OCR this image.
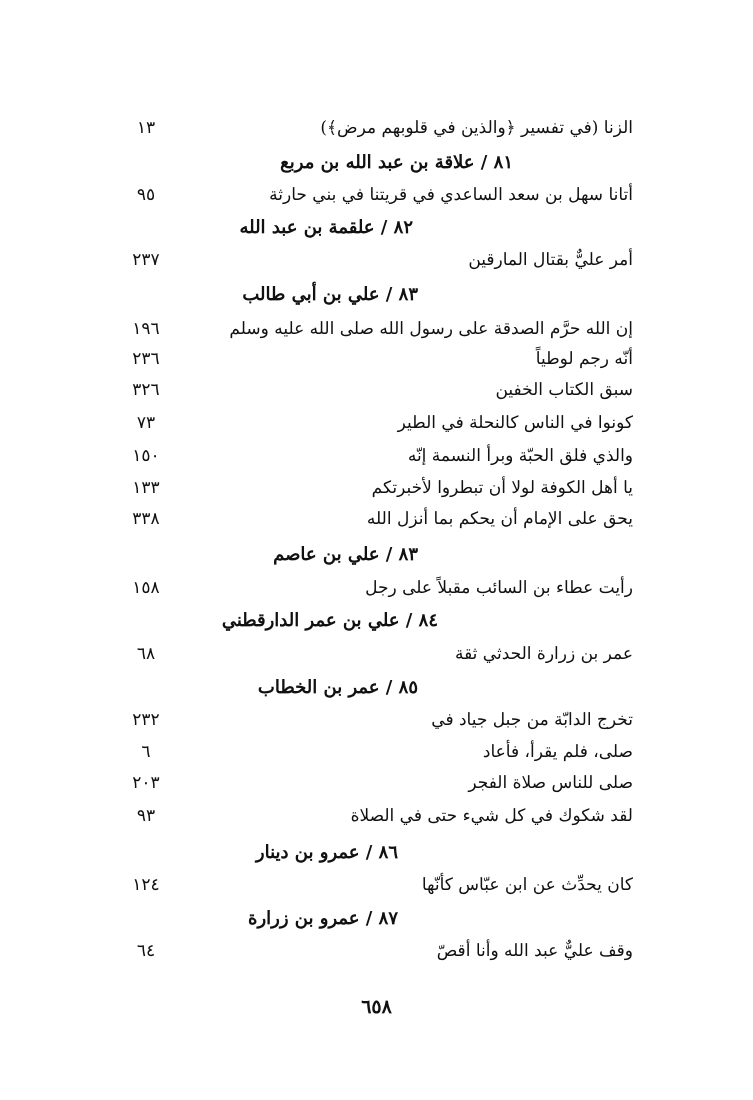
الزنا (في تفسير ﴿والذين في قلوبهم مرض﴾)
١٣
٨١ / علاقة بن عبد الله بن مربع
أتانا سهل بن سعد الساعدي في قريتنا في بني حارثة
٩٥
٨٢ / علقمة بن عبد الله
أمر عليٌّ بقتال المارقين
٢٣٧
٨٣ / علي بن أبي طالب
إن الله حرَّم الصدقة على رسول الله صلى الله عليه وسلم
١٩٦
أنّه رجم لوطياً
٢٣٦
سبق الكتاب الخفين
٣٢٦
كونوا في الناس كالنحلة في الطير
٧٣
والذي فلق الحبّة وبرأ النسمة إنّه
١٥٠
يا أهل الكوفة لولا أن تبطروا لأخبرتكم
١٣٣
يحق على الإمام أن يحكم بما أنزل الله
٣٣٨
٨٣ / علي بن عاصم
رأيت عطاء بن السائب مقبلاً على رجل
١٥٨
٨٤ / علي بن عمر الدارقطني
عمر بن زرارة الحدثي ثقة
٦٨
٨٥ / عمر بن الخطاب
تخرج الدابّة من جبل جياد في
٢٣٢
صلى، فلم يقرأ، فأعاد
٦
صلى للناس صلاة الفجر
٢٠٣
لقد شكوك في كل شيء حتى في الصلاة
٩٣
٨٦ / عمرو بن دينار
كان يحدِّث عن ابن عبّاس كأنّها
١٢٤
٨٧ / عمرو بن زرارة
وقف عليٌّ عبد الله وأنا أقصّ
٦٤
٦٥٨
